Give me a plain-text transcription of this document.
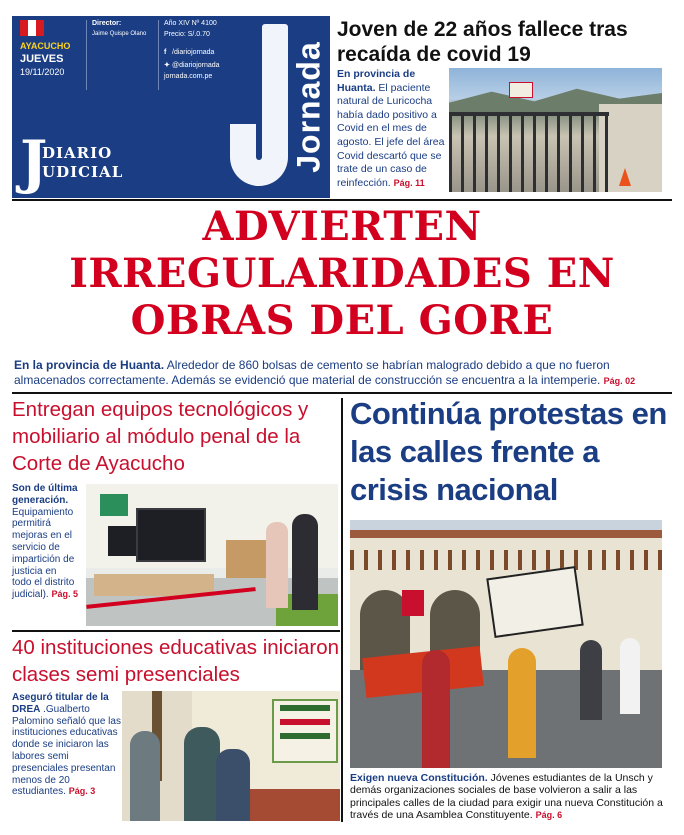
AYACUCHO
JUEVES
19/11/2020
Director:
Jaime Quispe Olano
Año XIV Nº 4100
Precio: S/.0.70
f /diariojornada
✦ @diariojornada
jornada.com.pe
J
DIARIO
UDICIAL	Jornada
Joven de 22 años fallece tras recaída de covid 19
En provincia de Huanta. El paciente natural de Luricocha había dado positivo a Covid en el mes de agosto. El jefe del área Covid descartó que se trate de un caso de reinfección. Pág. 11
ADVIERTEN IRREGULARIDADES EN OBRAS DEL GORE
En la provincia de Huanta. Alrededor de 860 bolsas de cemento se habrían malogrado debido a que no fueron almacenados correctamente. Además se evidenció que material de construcción se encuentra a la intemperie. Pág. 02
Entregan equipos tecnológicos y mobiliario al módulo penal de la Corte de Ayacucho
Son de última generación. Equipamiento permitirá mejoras en el servicio de impartición de justicia en todo el distrito judicial). Pág. 5
40 instituciones educativas iniciaron clases semi presenciales
Aseguró titular de la DREA .Gualberto Palomino señaló que las instituciones educativas donde se iniciaron las labores semi presenciales presentan menos de 20 estudiantes. Pág. 3
Continúa protestas en las calles frente a crisis nacional
Exigen nueva Constitución. Jóvenes estudiantes de la Unsch y demás organizaciones sociales de base volvieron a salir a las principales calles de la ciudad para exigir una nueva Constitución a través de una Asamblea Constituyente. Pág. 6
